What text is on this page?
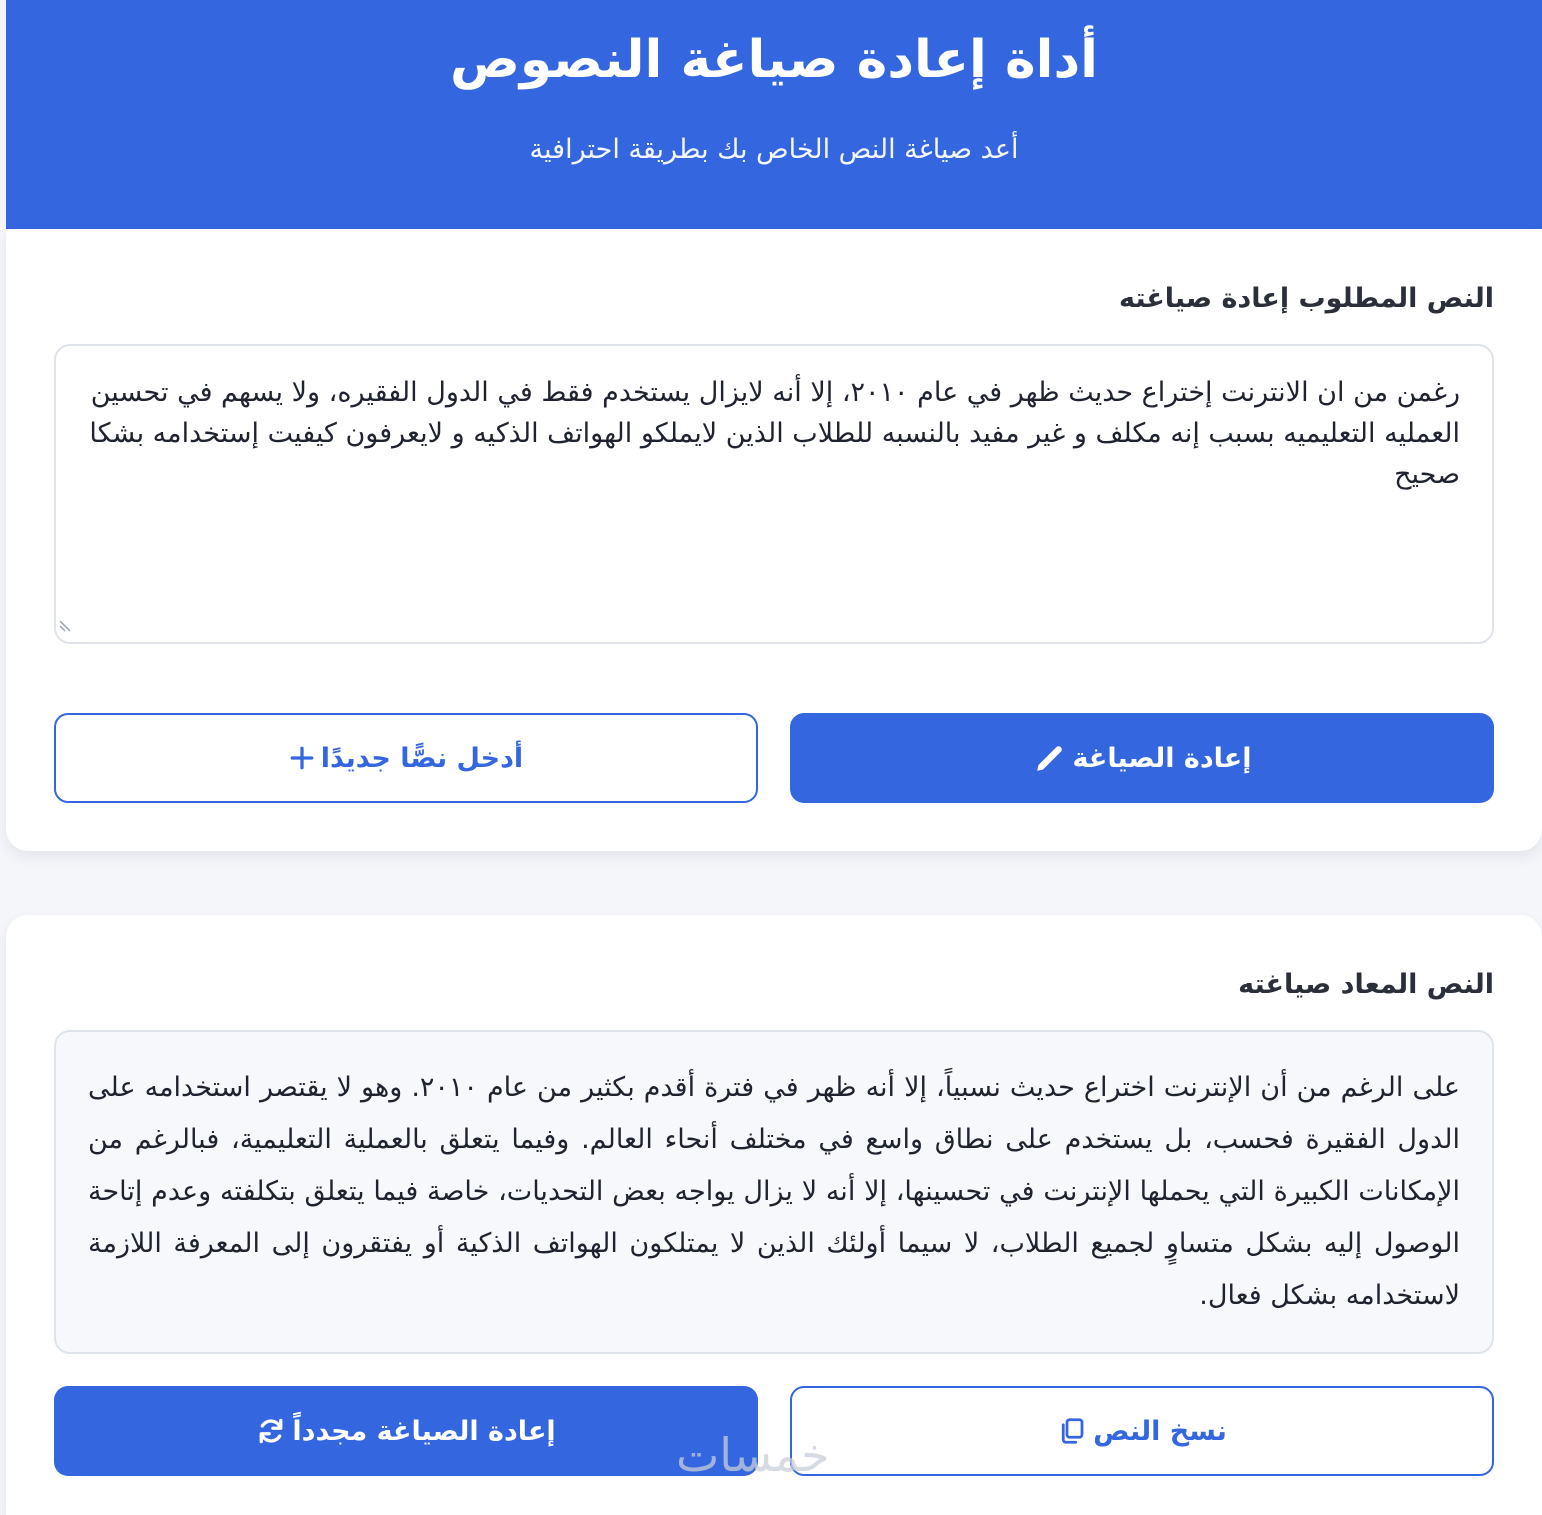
أداة إعادة صياغة النصوص
أعد صياغة النص الخاص بك بطريقة احترافية
النص المطلوب إعادة صياغته
رغمن من ان الانترنت إختراع حديث ظهر في عام ٢٠١٠، إلا أنه لايزال يستخدم فقط في الدول الفقيره، ولا يسهم في تحسين العمليه التعليميه بسبب إنه مكلف و غير مفيد بالنسبه للطلاب الذين لايملكو الهواتف الذكيه و لايعرفون كيفيت إستخدامه بشكا صحيح
إعادة الصياغة
أدخل نصًّا جديدًا
النص المعاد صياغته
على الرغم من أن الإنترنت اختراع حديث نسبياً، إلا أنه ظهر في فترة أقدم بكثير من عام ٢٠١٠. وهو لا يقتصر استخدامه على الدول الفقيرة فحسب، بل يستخدم على نطاق واسع في مختلف أنحاء العالم. وفيما يتعلق بالعملية التعليمية، فبالرغم من الإمكانات الكبيرة التي يحملها الإنترنت في تحسينها، إلا أنه لا يزال يواجه بعض التحديات، خاصة فيما يتعلق بتكلفته وعدم إتاحة الوصول إليه بشكل متساوٍ لجميع الطلاب، لا سيما أولئك الذين لا يمتلكون الهواتف الذكية أو يفتقرون إلى المعرفة اللازمة لاستخدامه بشكل فعال.
نسخ النص
إعادة الصياغة مجدداً	خمسات
